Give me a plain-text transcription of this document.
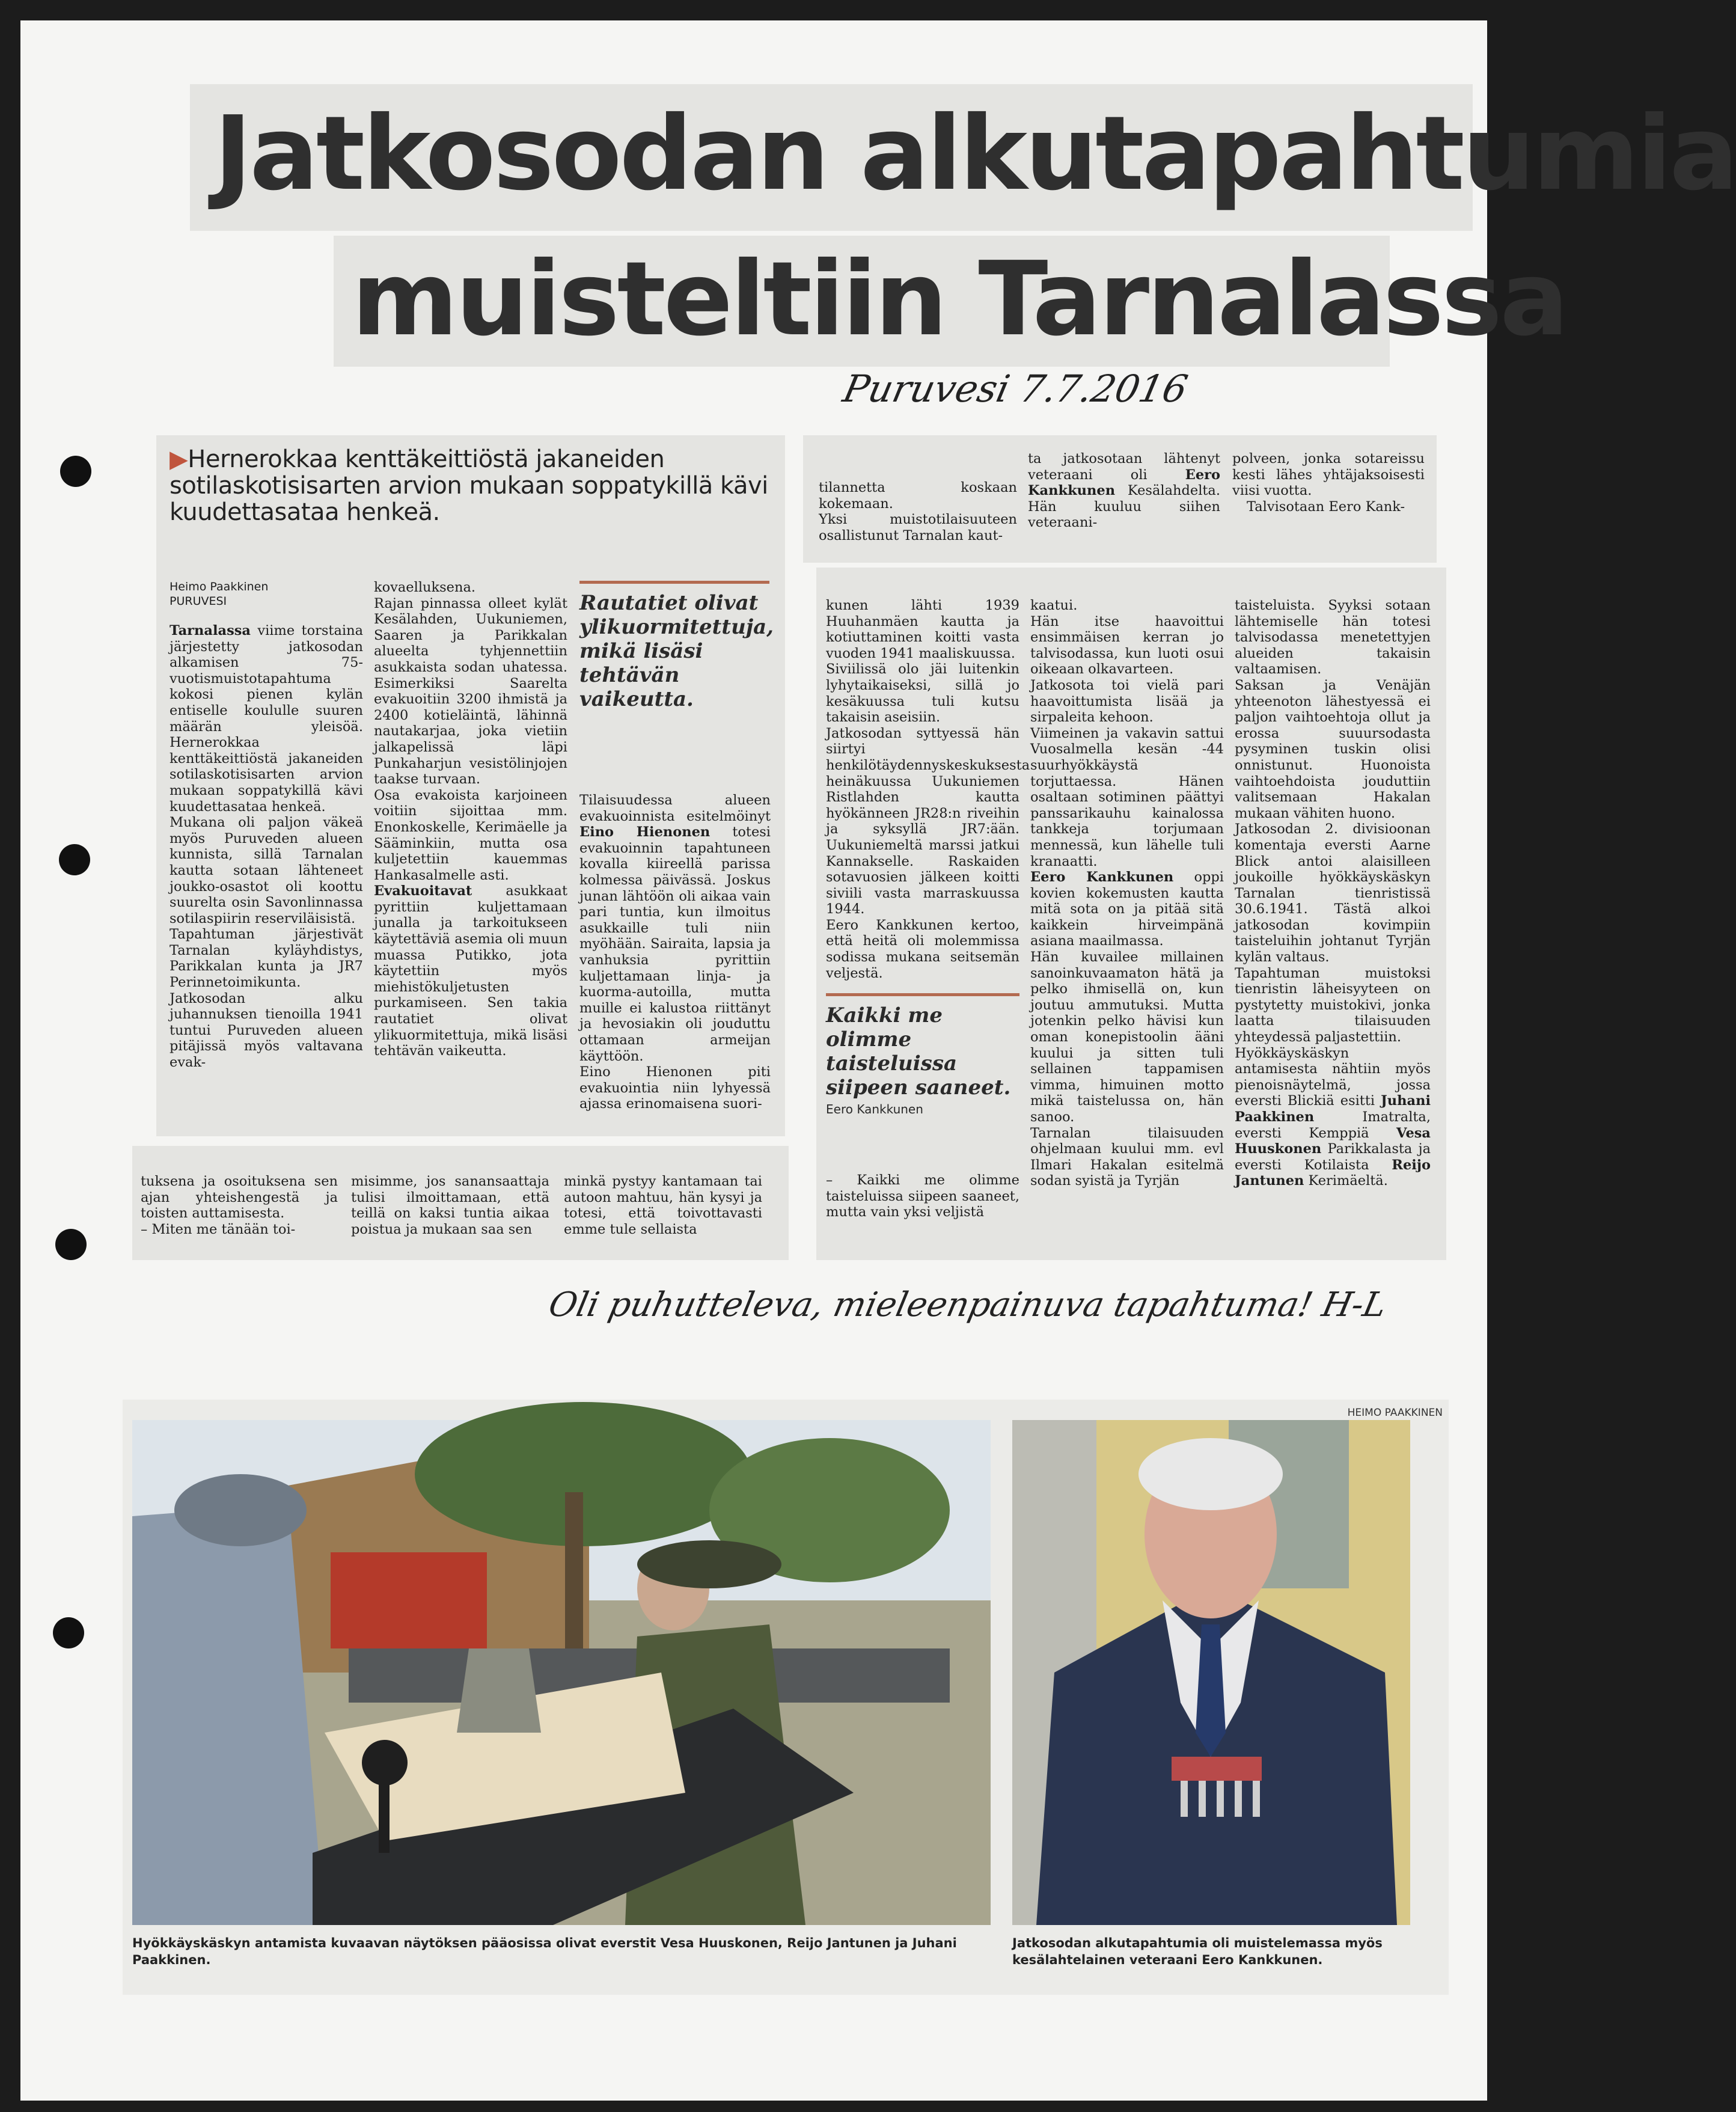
Jatkosodan alkutapahtumia
muisteltiin Tarnalassa
Puruvesi 7.7.2016
▶Hernerokkaa kenttäkeittiöstä jakaneiden sotilaskotisisarten arvion mukaan soppatykillä kävi kuudettasataa henkeä.
Heimo Paakkinen
PURUVESI

Tarnalassa viime torstaina järjestetty jatkosodan alkamisen 75-vuotismuistotapahtuma kokosi pienen kylän entiselle koululle suuren määrän yleisöä. Hernerokkaa kenttäkeittiöstä jakaneiden sotilaskotisisarten arvion mukaan soppatykillä kävi kuudettasataa henkeä.

Mukana oli paljon väkeä myös Puruveden alueen kunnista, sillä Tarnalan kautta sotaan lähteneet joukko-osastot oli koottu suurelta osin Savonlinnassa sotilaspiirin reserviläisistä.

Tapahtuman järjestivät Tarnalan kyläyhdistys, Parikkalan kunta ja JR7 Perinnetoimikunta.

Jatkosodan alku juhannuksen tienoilla 1941 tuntui Puruveden alueen pitäjissä myös valtavana evak-

kovaelluksena.

Rajan pinnassa olleet kylät Kesälahden, Uukuniemen, Saaren ja Parikkalan alueelta tyhjennettiin asukkaista sodan uhatessa. Esimerkiksi Saarelta evakuoitiin 3200 ihmistä ja 2400 kotieläintä, lähinnä nautakarjaa, joka vietiin jalkapelissä läpi Punkaharjun vesistölinjojen taakse turvaan.

Osa evakoista karjoineen voitiin sijoittaa mm. Enonkoskelle, Kerimäelle ja Sääminkiin, mutta osa kuljetettiin kauemmas Hankasalmelle asti.

Evakuoitavat asukkaat pyrittiin kuljettamaan junalla ja tarkoitukseen käytettäviä asemia oli muun muassa Putikko, jota käytettiin myös miehistökuljetusten purkamiseen. Sen takia rautatiet olivat ylikuormitettuja, mikä lisäsi tehtävän vaikeutta.

Rautatiet olivat ylikuormitettuja, mikä lisäsi tehtävän vaikeutta.

Tilaisuudessa alueen evakuoinnista esitelmöinyt Eino Hienonen totesi evakuoinnin tapahtuneen kovalla kiireellä parissa kolmessa päivässä. Joskus junan lähtöön oli aikaa vain pari tuntia, kun ilmoitus asukkaille tuli niin myöhään. Sairaita, lapsia ja vanhuksia pyrittiin kuljettamaan linja- ja kuorma-autoilla, mutta muille ei kalustoa riittänyt ja hevosiakin oli jouduttu ottamaan armeijan käyttöön.

Eino Hienonen piti evakuointia niin lyhyessä ajassa erinomaisena suori-

tuksena ja osoituksena sen ajan yhteishengestä ja toisten auttamisesta.

– Miten me tänään toi-

misimme, jos sanansaattaja tulisi ilmoittamaan, että teillä on kaksi tuntia aikaa poistua ja mukaan saa sen

minkä pystyy kantamaan tai autoon mahtuu, hän kysyi ja totesi, että toivottavasti emme tule sellaista

tilannetta koskaan kokemaan.

Yksi muistotilaisuuteen osallistunut Tarnalan kaut-

ta jatkosotaan lähtenyt veteraani oli Eero Kankkunen Kesälahdelta. Hän kuuluu siihen veteraani-

polveen, jonka sotareissu kesti lähes yhtäjaksoisesti viisi vuotta.

Talvisotaan Eero Kank-

kunen lähti 1939 Huuhanmäen kautta ja kotiuttaminen koitti vasta vuoden 1941 maaliskuussa.

Siviilissä olo jäi luitenkin lyhytaikaiseksi, sillä jo kesäkuussa tuli kutsu takaisin aseisiin.

Jatkosodan syttyessä hän siirtyi henkilötäydennyskeskuksesta heinäkuussa Uukuniemen Ristlahden kautta hyökänneen JR28:n riveihin ja syksyllä JR7:ään. Uukuniemeltä marssi jatkui Kannakselle. Raskaiden sotavuosien jälkeen koitti siviili vasta marraskuussa 1944.

Eero Kankkunen kertoo, että heitä oli molemmissa sodissa mukana seitsemän veljestä.

Kaikki me olimme taisteluissa siipeen saaneet.
Eero Kankkunen

– Kaikki me olimme taisteluissa siipeen saaneet, mutta vain yksi veljistä

kaatui.

Hän itse haavoittui ensimmäisen kerran jo talvisodassa, kun luoti osui oikeaan olkavarteen.

Jatkosota toi vielä pari haavoittumista lisää ja sirpaleita kehoon.

Viimeinen ja vakavin sattui Vuosalmella kesän -44 suurhyökkäystä torjuttaessa. Hänen osaltaan sotiminen päättyi panssarikauhu kainalossa tankkeja torjumaan mennessä, kun lähelle tuli kranaatti.

Eero Kankkunen oppi kovien kokemusten kautta mitä sota on ja pitää sitä kaikkein hirveimpänä asiana maailmassa.

Hän kuvailee millainen sanoinkuvaamaton hätä ja pelko ihmisellä on, kun joutuu ammutuksi. Mutta jotenkin pelko hävisi kun oman konepistoolin ääni kuului ja sitten tuli sellainen tappamisen vimma, himuinen motto mikä taistelussa on, hän sanoo.

Tarnalan tilaisuuden ohjelmaan kuului mm. evl Ilmari Hakalan esitelmä sodan syistä ja Tyrjän

taisteluista. Syyksi sotaan lähtemiselle hän totesi talvisodassa menetettyjen alueiden takaisin valtaamisen.

Saksan ja Venäjän yhteenoton lähestyessä ei paljon vaihtoehtoja ollut ja erossa suuursodasta pysyminen tuskin olisi onnistunut. Huonoista vaihtoehdoista jouduttiin valitsemaan Hakalan mukaan vähiten huono.

Jatkosodan 2. divisioonan komentaja eversti Aarne Blick antoi alaisilleen joukoille hyökkäyskäskyn Tarnalan tienristissä 30.6.1941. Tästä alkoi jatkosodan kovimpiin taisteluihin johtanut Tyrjän kylän valtaus.

Tapahtuman muistoksi tienristin läheisyyteen on pystytetty muistokivi, jonka laatta tilaisuuden yhteydessä paljastettiin.

Hyökkäyskäskyn antamisesta nähtiin myös pienoisnäytelmä, jossa eversti Blickiä esitti Juhani Paakkinen Imatralta, eversti Kemppiä Vesa Huuskonen Parikkalasta ja eversti Kotilaista Reijo Jantunen Kerimäeltä.

Oli puhutteleva, mieleenpainuva tapahtuma! H-L
HEIMO PAAKKINEN
Hyökkäyskäskyn antamista kuvaavan näytöksen pääosissa olivat everstit Vesa Huuskonen, Reijo Jantunen ja Juhani Paakkinen.
Jatkosodan alkutapahtumia oli muistelemassa myös kesälahtelainen veteraani Eero Kankkunen.
